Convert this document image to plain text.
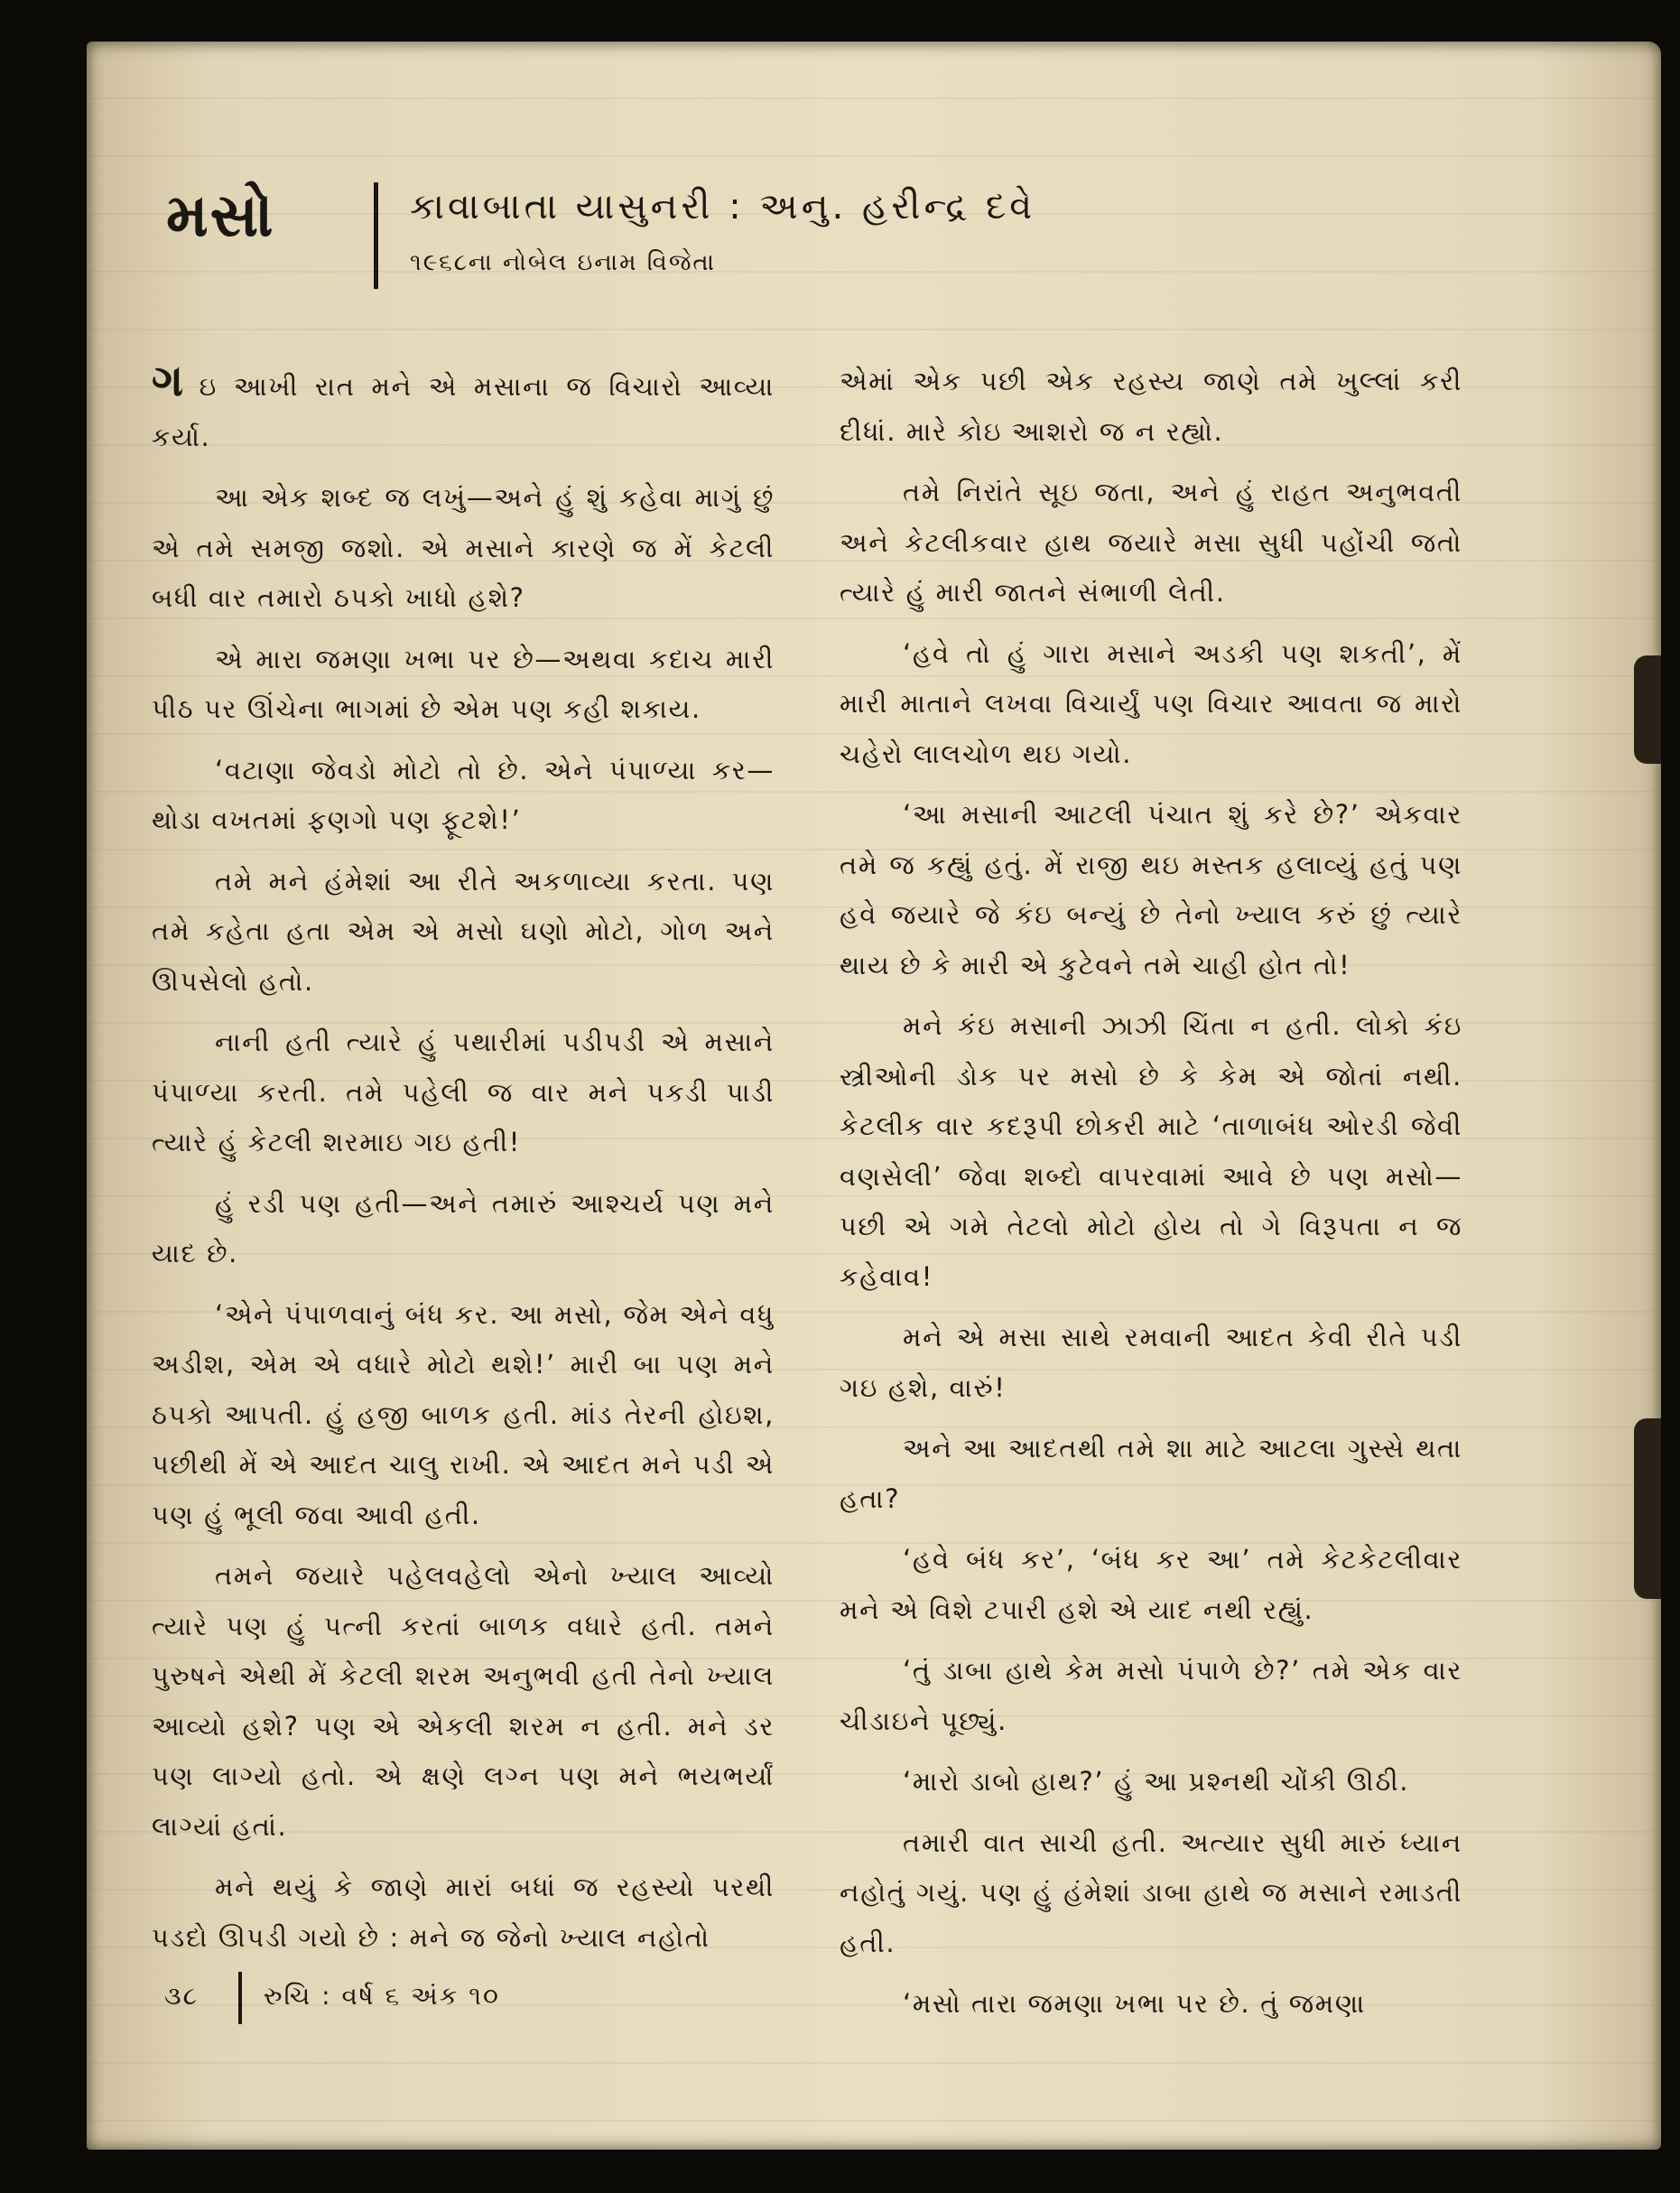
મસો	કાવાબાતા યાસુનરી : અનુ. હરીન્દ્ર દવે
૧૯૬૮ના નોબેલ ઇનામ વિજેતા

ગઇ આખી રાત મને એ મસાના જ વિચારો આવ્યા કર્યા.

આ એક શબ્દ જ લખું—અને હું શું કહેવા માગું છું એ તમે સમજી જશો. એ મસાને કારણે જ મેં કેટલી બધી વાર તમારો ઠપકો ખાધો હશે?

એ મારા જમણા ખભા પર છે—અથવા કદાચ મારી પીઠ પર ઊંચેના ભાગમાં છે એમ પણ કહી શકાય.

‘વટાણા જેવડો મોટો તો છે. એને પંપાળ્યા કર—થોડા વખતમાં ફણગો પણ ફૂટશે!’

તમે મને હંમેશાં આ રીતે અકળાવ્યા કરતા. પણ તમે કહેતા હતા એમ એ મસો ઘણો મોટો, ગોળ અને ઊપસેલો હતો.

નાની હતી ત્યારે હું પથારીમાં પડીપડી એ મસાને પંપાળ્યા કરતી. તમે પહેલી જ વાર મને પકડી પાડી ત્યારે હું કેટલી શરમાઇ ગઇ હતી!

હું રડી પણ હતી—અને તમારું આશ્ચર્ય પણ મને યાદ છે.

‘એને પંપાળવાનું બંધ કર. આ મસો, જેમ એને વધુ અડીશ, એમ એ વધારે મોટો થશે!’ મારી બા પણ મને ઠપકો આપતી. હું હજી બાળક હતી. માંડ તેરની હોઇશ, પછીથી મેં એ આદત ચાલુ રાખી. એ આદત મને પડી એ પણ હું ભૂલી જવા આવી હતી.

તમને જયારે પહેલવહેલો એનો ખ્યાલ આવ્યો ત્યારે પણ હું પત્ની કરતાં બાળક વધારે હતી. તમને પુરુષને એથી મેં કેટલી શરમ અનુભવી હતી તેનો ખ્યાલ આવ્યો હશે? પણ એ એકલી શરમ ન હતી. મને ડર પણ લાગ્યો હતો. એ ક્ષણે લગ્ન પણ મને ભયભર્યાં લાગ્યાં હતાં.

મને થયું કે જાણે મારાં બધાં જ રહસ્યો પરથી પડદો ઊપડી ગયો છે : મને જ જેનો ખ્યાલ નહોતો

એમાં એક પછી એક રહસ્ય જાણે તમે ખુલ્લાં કરી દીધાં. મારે કોઇ આશરો જ ન રહ્યો.

તમે નિરાંતે સૂઇ જતા, અને હું રાહત અનુભવતી અને કેટલીકવાર હાથ જયારે મસા સુધી પહોંચી જતો ત્યારે હું મારી જાતને સંભાળી લેતી.

‘હવે તો હું ગારા મસાને અડકી પણ શકતી’, મેં મારી માતાને લખવા વિચાર્યું પણ વિચાર આવતા જ મારો ચહેરો લાલચોળ થઇ ગયો.

‘આ મસાની આટલી પંચાત શું કરે છે?’ એકવાર તમે જ કહ્યું હતું. મેં રાજી થઇ મસ્તક હલાવ્યું હતું પણ હવે જયારે જે કંઇ બન્યું છે તેનો ખ્યાલ કરું છું ત્યારે થાય છે કે મારી એ કુટેવને તમે ચાહી હોત તો!

મને કંઇ મસાની ઝાઝી ચિંતા ન હતી. લોકો કંઇ સ્ત્રીઓની ડોક પર મસો છે કે કેમ એ જોતાં નથી. કેટલીક વાર કદરૂપી છોકરી માટે ‘તાળાબંધ ઓરડી જેવી વણસેલી’ જેવા શબ્દો વાપરવામાં આવે છે પણ મસો—પછી એ ગમે તેટલો મોટો હોય તો ગે વિરૂપતા ન જ કહેવાવ!

મને એ મસા સાથે રમવાની આદત કેવી રીતે પડી ગઇ હશે, વારું!

અને આ આદતથી તમે શા માટે આટલા ગુસ્સે થતા હતા?

‘હવે બંધ કર’, ‘બંધ કર આ’ તમે કેટકેટલીવાર મને એ વિશે ટપારી હશે એ યાદ નથી રહ્યું.

‘તું ડાબા હાથે કેમ મસો પંપાળે છે?’ તમે એક વાર ચીડાઇને પૂછ્યું.

‘મારો ડાબો હાથ?’ હું આ પ્રશ્નથી ચોંકી ઊઠી.

તમારી વાત સાચી હતી. અત્યાર સુધી મારું ધ્યાન નહોતું ગયું. પણ હું હંમેશાં ડાબા હાથે જ મસાને રમાડતી હતી.

‘મસો તારા જમણા ખભા પર છે. તું જમણા

૩૮	રુચિ : વર્ષ ૬ અંક ૧૦
